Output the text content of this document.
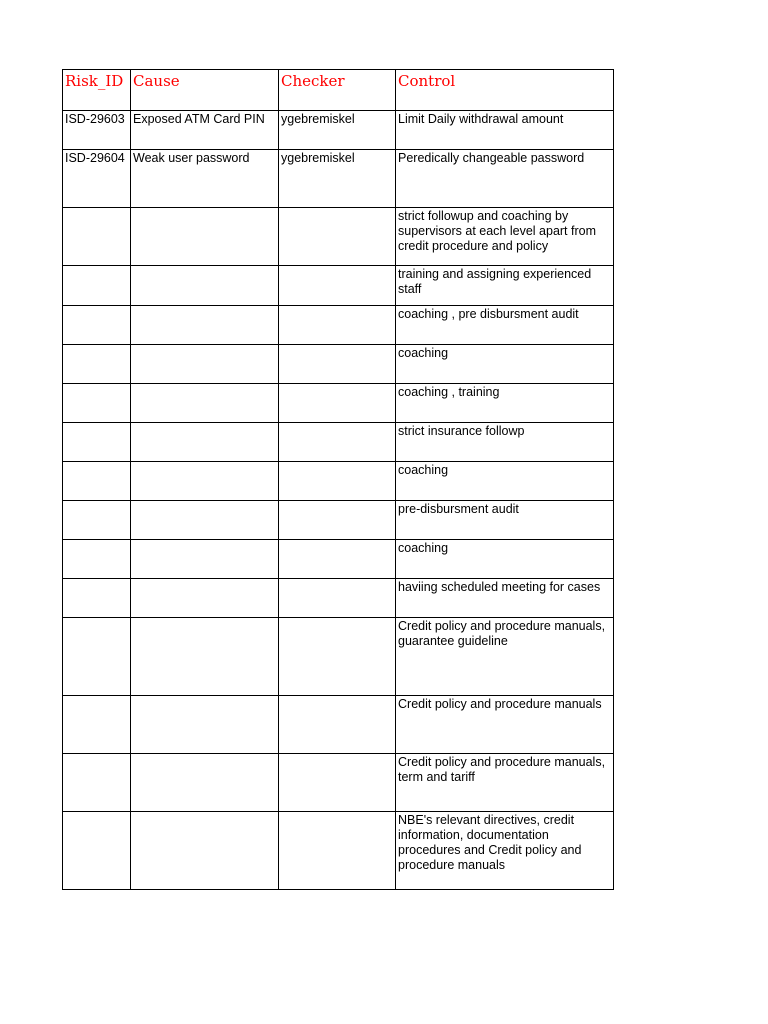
Risk_ID	Cause	Checker	Control
ISD-29603	Exposed ATM Card PIN	ygebremiskel	Limit Daily withdrawal amount
ISD-29604	Weak user password	ygebremiskel	Peredically changeable password
			strict followup and coaching by supervisors at each level apart from credit procedure and policy
			training and assigning experienced staff
			coaching , pre disbursment audit
			coaching
			coaching , training
			strict insurance followp
			coaching
			pre-disbursment audit
			coaching
			haviing scheduled meeting for cases
			Credit policy and procedure manuals, guarantee guideline
			Credit policy and procedure manuals
			Credit policy and procedure manuals, term and tariff
			NBE's relevant directives, credit information, documentation procedures and Credit policy and procedure manuals
